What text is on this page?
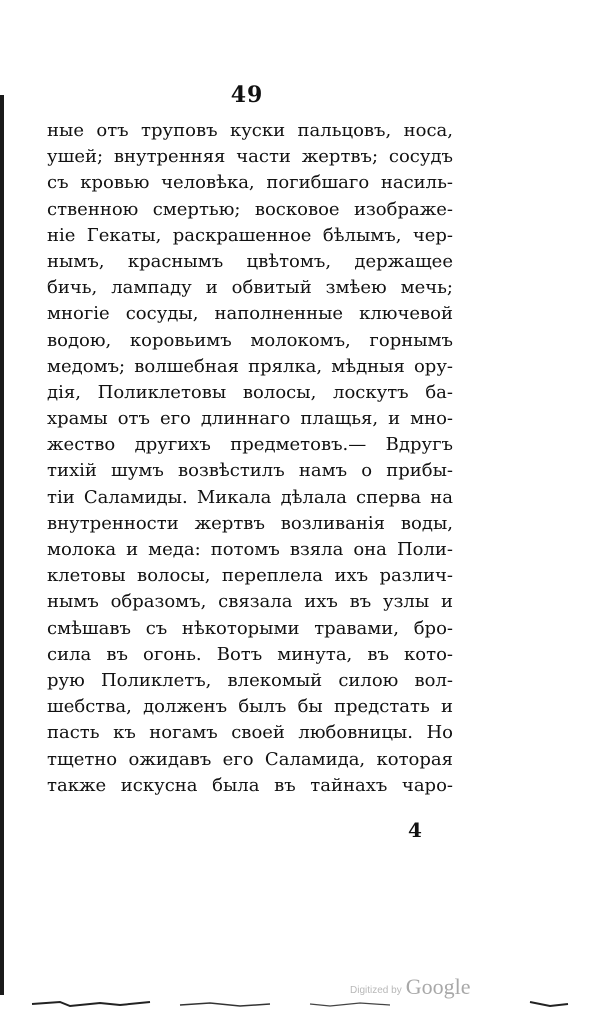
49
ные отъ труповъ куски пальцовъ, носа,
ушей; внутренняя части жертвъ; сосудъ
съ кровью человѣка, погибшаго насиль-
ственною смертью; восковое изображе-
ніе Гекаты, раскрашенное бѣлымъ, чер-
нымъ, краснымъ цвѣтомъ, держащее
бичь, лампаду и обвитый змѣею мечь;
многіе сосуды, наполненные ключевой
водою, коровьимъ молокомъ, горнымъ
медомъ; волшебная прялка, мѣдныя ору-
дія, Поликлетовы волосы, лоскутъ ба-
храмы отъ его длиннаго плащья, и мно-
жество другихъ предметовъ.— Вдругъ
тихій шумъ возвѣстилъ намъ о прибы-
тіи Саламиды. Микала дѣлала сперва на
внутренности жертвъ возливанія воды,
молока и меда: потомъ взяла она Поли-
клетовы волосы, переплела ихъ различ-
нымъ образомъ, связала ихъ въ узлы и
смѣшавъ съ нѣкоторыми травами, бро-
сила въ огонь. Вотъ минута, въ кото-
рую Поликлетъ, влекомый силою вол-
шебства, долженъ былъ бы предстать и
пасть къ ногамъ своей любовницы. Но
тщетно ожидавъ его Саламида, которая
также искусна была въ тайнахъ чаро-
4
Digitized by Google
